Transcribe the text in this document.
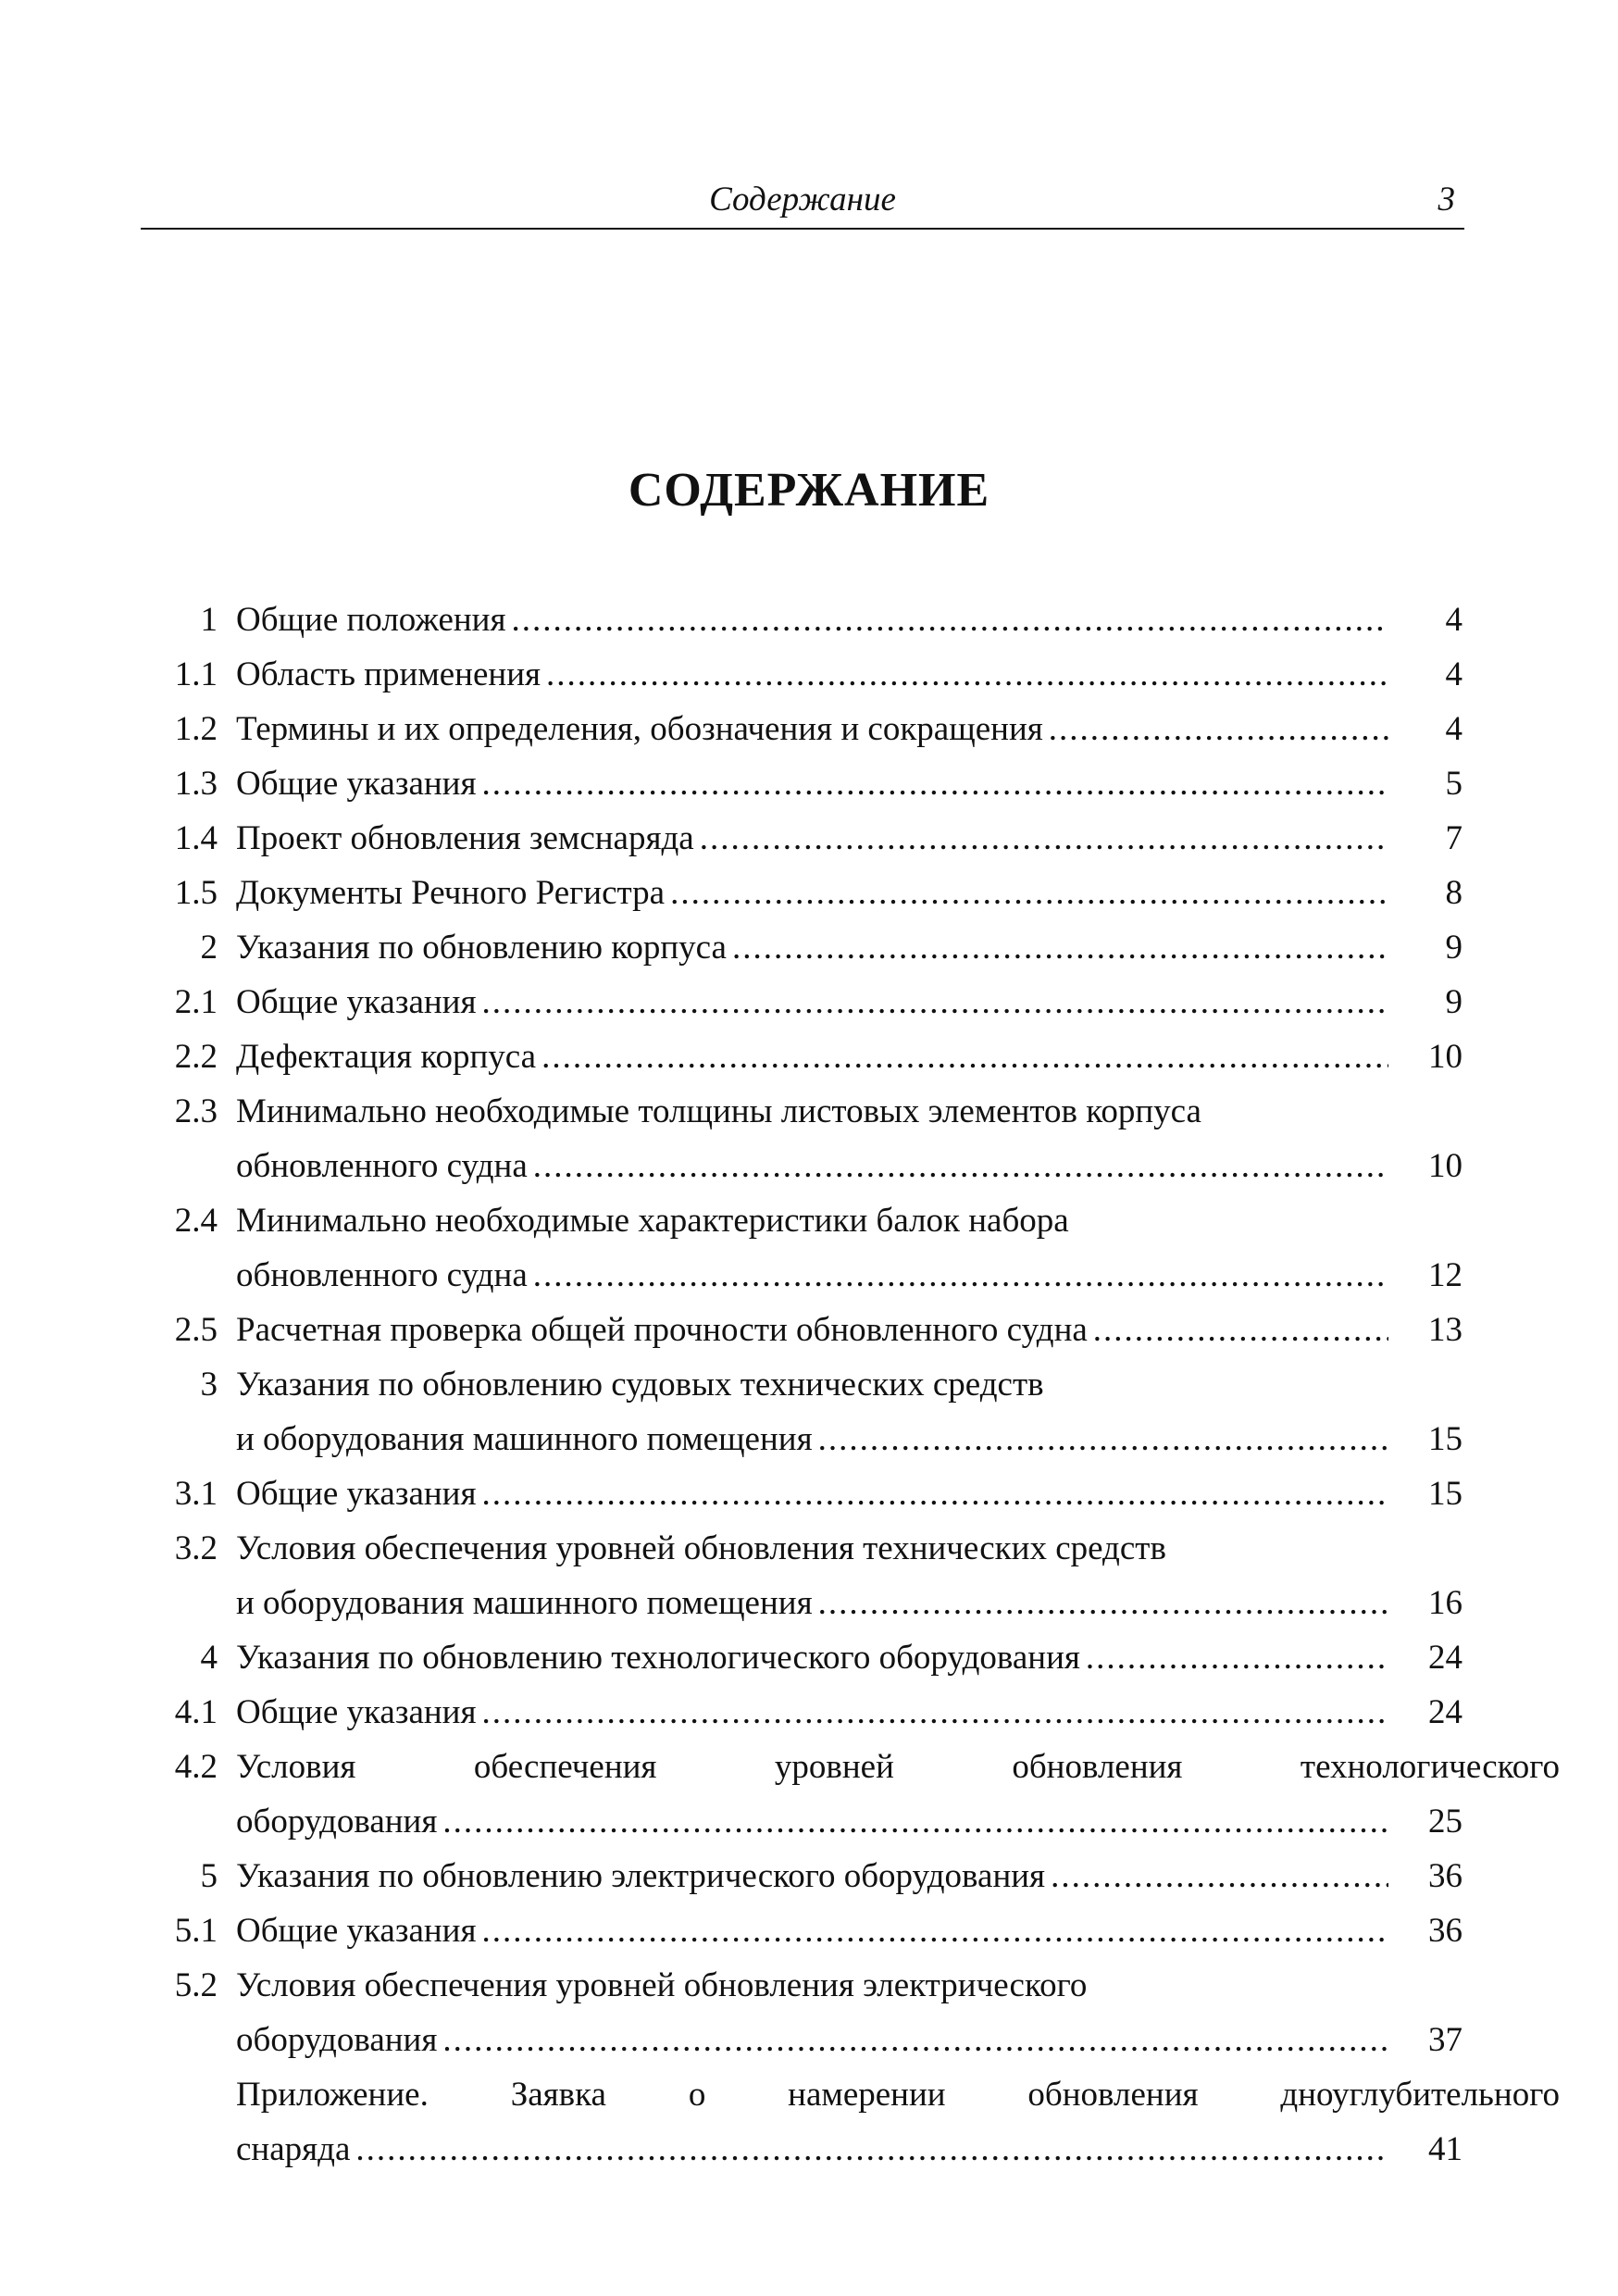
Содержание	3
СОДЕРЖАНИЕ
1 Общие положения .....	4
1.1 Область применения .....	4
1.2 Термины и их определения, обозначения и сокращения .....	4
1.3 Общие указания .....	5
1.4 Проект обновления земснаряда .....	7
1.5 Документы Речного Регистра .....	8
2 Указания по обновлению корпуса .....	9
2.1 Общие указания .....	9
2.2 Дефектация корпуса .....	10
2.3 Минимально необходимые толщины листовых элементов корпуса
обновленного судна .....	10
2.4 Минимально необходимые характеристики балок набора
обновленного судна .....	12
2.5 Расчетная проверка общей прочности обновленного судна .....	13
3 Указания по обновлению судовых технических средств
и оборудования машинного помещения .....	15
3.1 Общие указания .....	15
3.2 Условия обеспечения уровней обновления технических средств
и оборудования машинного помещения .....	16
4 Указания по обновлению технологического оборудования .....	24
4.1 Общие указания .....	24
4.2 Условия обеспечения уровней обновления технологического
оборудования .....	25
5 Указания по обновлению электрического оборудования .....	36
5.1 Общие указания .....	36
5.2 Условия обеспечения уровней обновления электрического
оборудования .....	37
Приложение. Заявка о намерении обновления дноуглубительного
снаряда .....	41
